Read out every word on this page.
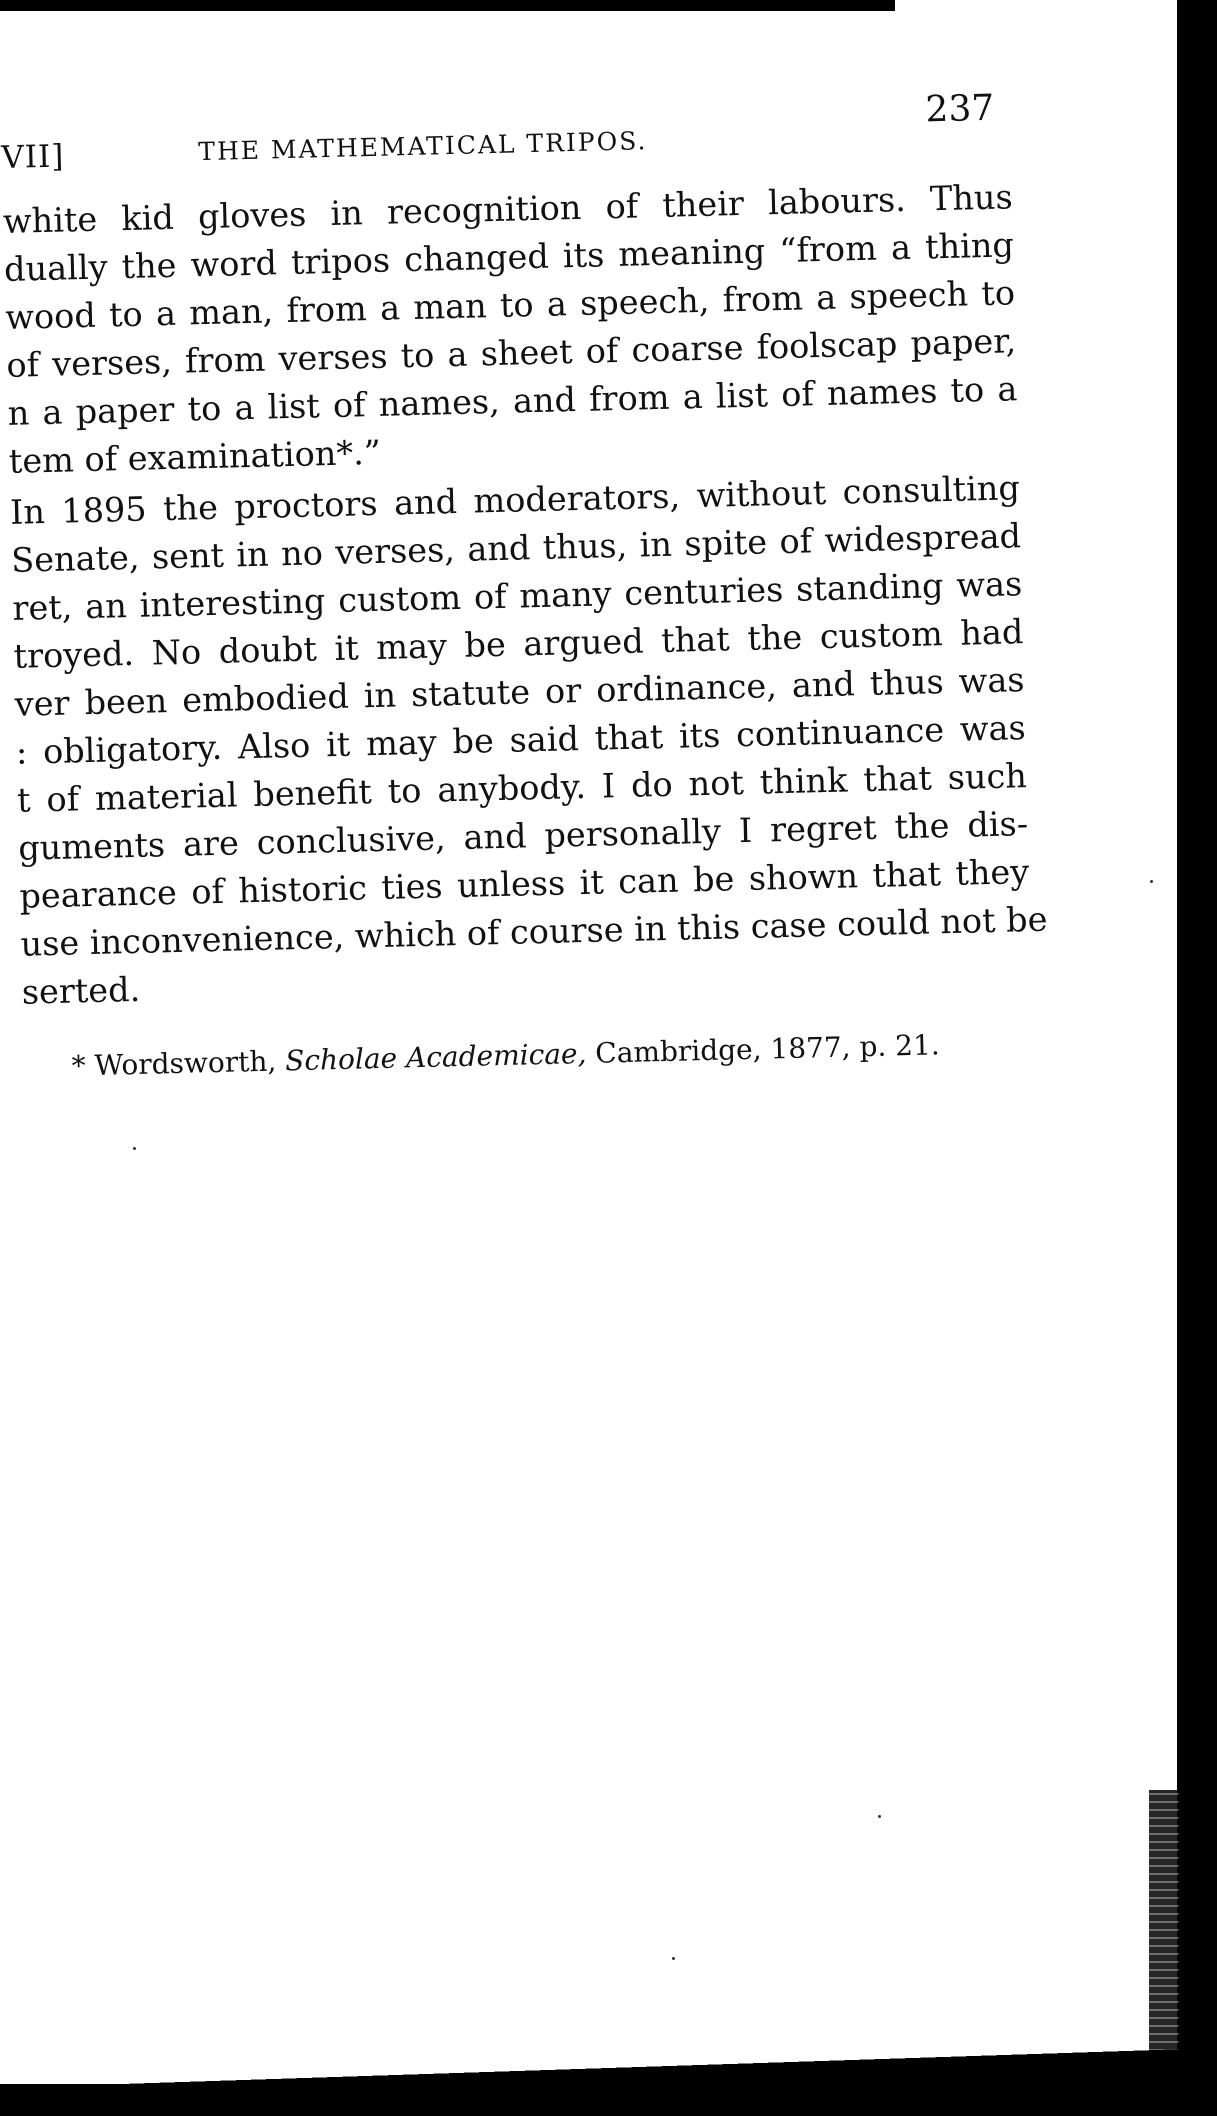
VII]	THE MATHEMATICAL TRIPOS.
237
white kid gloves in recognition of their labours. Thus
dually the word tripos changed its meaning “from a thing
wood to a man, from a man to a speech, from a speech to
of verses, from verses to a sheet of coarse foolscap paper,
n a paper to a list of names, and from a list of names to a
tem of examination*.”
In 1895 the proctors and moderators, without consulting
Senate, sent in no verses, and thus, in spite of widespread
ret, an interesting custom of many centuries standing was
troyed. No doubt it may be argued that the custom had
ver been embodied in statute or ordinance, and thus was
: obligatory. Also it may be said that its continuance was
t of material benefit to anybody. I do not think that such
guments are conclusive, and personally I regret the dis-
pearance of historic ties unless it can be shown that they
use inconvenience, which of course in this case could not be
serted.
* Wordsworth, Scholae Academicae, Cambridge, 1877, p. 21.
